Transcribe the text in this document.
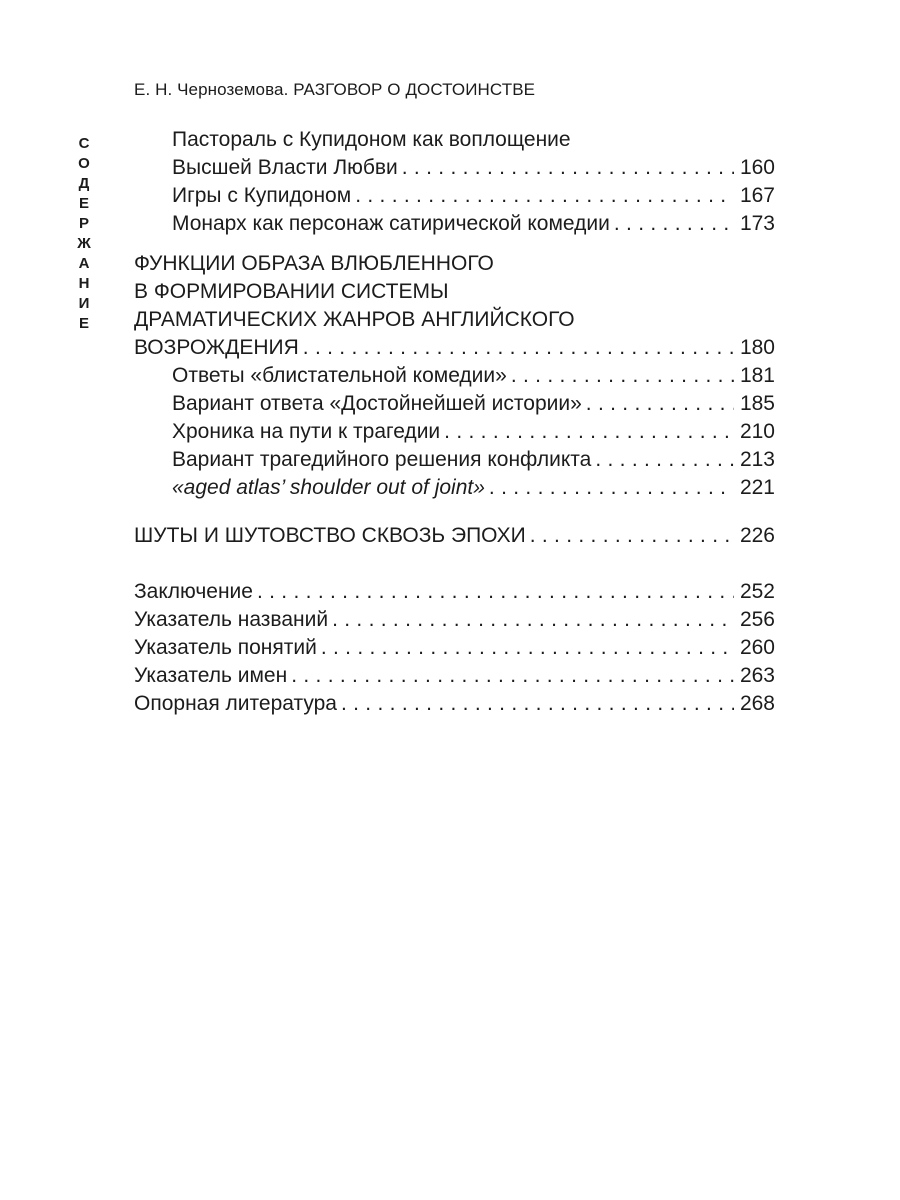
Е. Н. Черноземова. РАЗГОВОР О ДОСТОИНСТВЕ
С
О
Д
Е
Р
Ж
А
Н
И
Е
Пастораль с Купидоном как воплощение
Высшей Власти Любви . . .	160
Игры с Купидоном . . .	167
Монарх как персонаж сатирической комедии . . .	173
ФУНКЦИИ ОБРАЗА ВЛЮБЛЕННОГО
В ФОРМИРОВАНИИ СИСТЕМЫ
ДРАМАТИЧЕСКИХ ЖАНРОВ АНГЛИЙСКОГО
ВОЗРОЖДЕНИЯ . . .	180
Ответы «блистательной комедии» . . .	181
Вариант ответа «Достойнейшей истории» . . .	185
Хроника на пути к трагедии . . .	210
Вариант трагедийного решения конфликта . . .	213
«aged atlas’ shoulder out of joint» . . .	221
ШУТЫ И ШУТОВСТВО СКВОЗЬ ЭПОХИ . . .	226
Заключение . . .	252
Указатель названий . . .	256
Указатель понятий . . .	260
Указатель имен . . .	263
Опорная литература . . .	268
